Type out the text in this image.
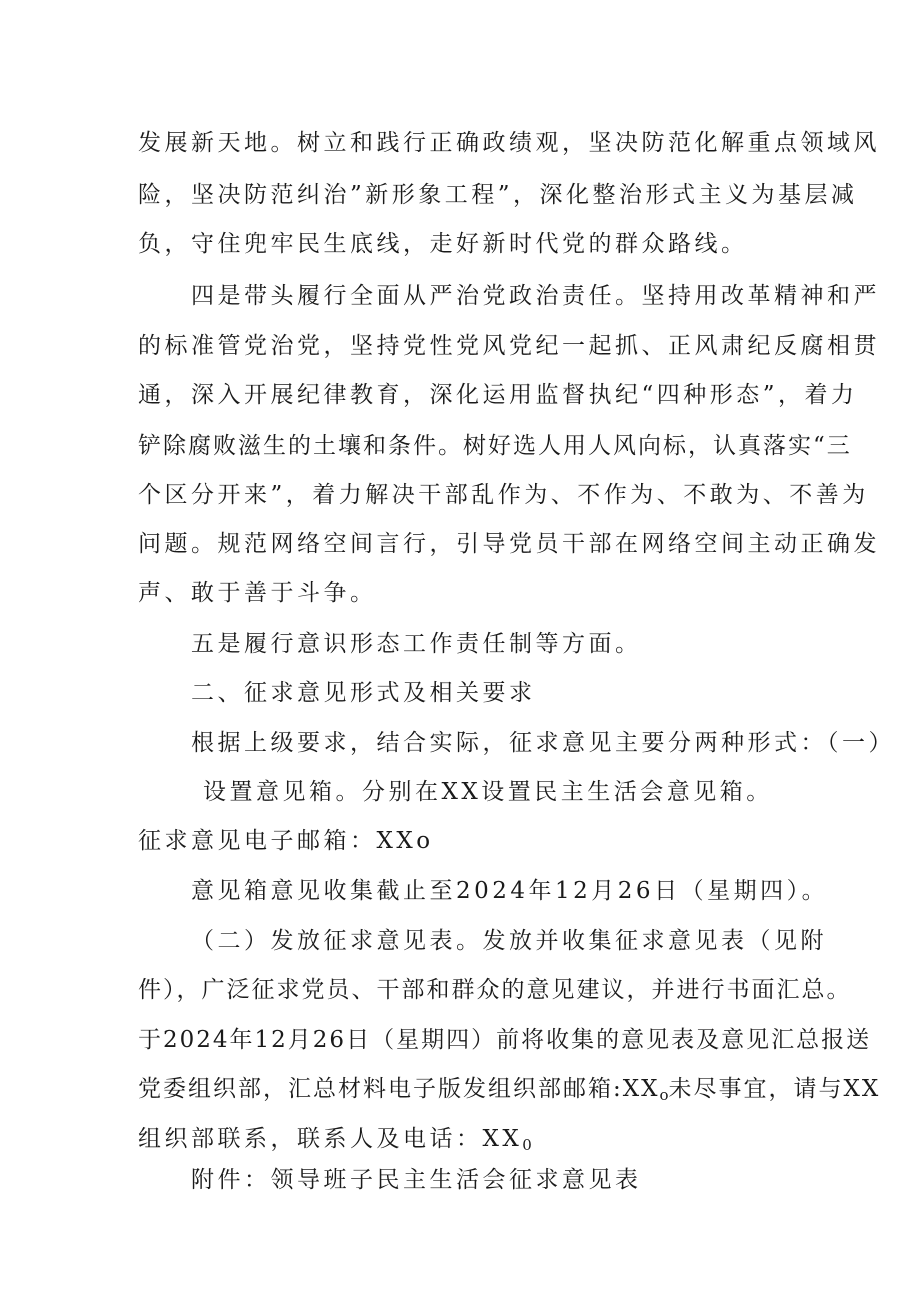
发展新天地。树立和践行正确政绩观，坚决防范化解重点领域风

险，坚决防范纠治”新形象工程”，深化整治形式主义为基层减

负，守住兜牢民生底线，走好新时代党的群众路线。

四是带头履行全面从严治党政治责任。坚持用改革精神和严

的标准管党治党，坚持党性党风党纪一起抓、正风肃纪反腐相贯

通，深入开展纪律教育，深化运用监督执纪“四种形态”，着力

铲除腐败滋生的土壤和条件。树好选人用人风向标，认真落实“三

个区分开来”，着力解决干部乱作为、不作为、不敢为、不善为

问题。规范网络空间言行，引导党员干部在网络空间主动正确发

声、敢于善于斗争。

五是履行意识形态工作责任制等方面。

二、征求意见形式及相关要求

根据上级要求，结合实际，征求意见主要分两种形式：（一）

设置意见箱。分别在XX设置民主生活会意见箱。

征求意见电子邮箱：XXo

意见箱意见收集截止至2024年12月26日（星期四）。

（二）发放征求意见表。发放并收集征求意见表（见附

件），广泛征求党员、干部和群众的意见建议，并进行书面汇总。

于2024年12月26日（星期四）前将收集的意见表及意见汇总报送

党委组织部，汇总材料电子版发组织部邮箱$:XX_o$未尽事宜，请与XX

组织部联系，联系人及电话：$XX_0$

附件：领导班子民主生活会征求意见表
